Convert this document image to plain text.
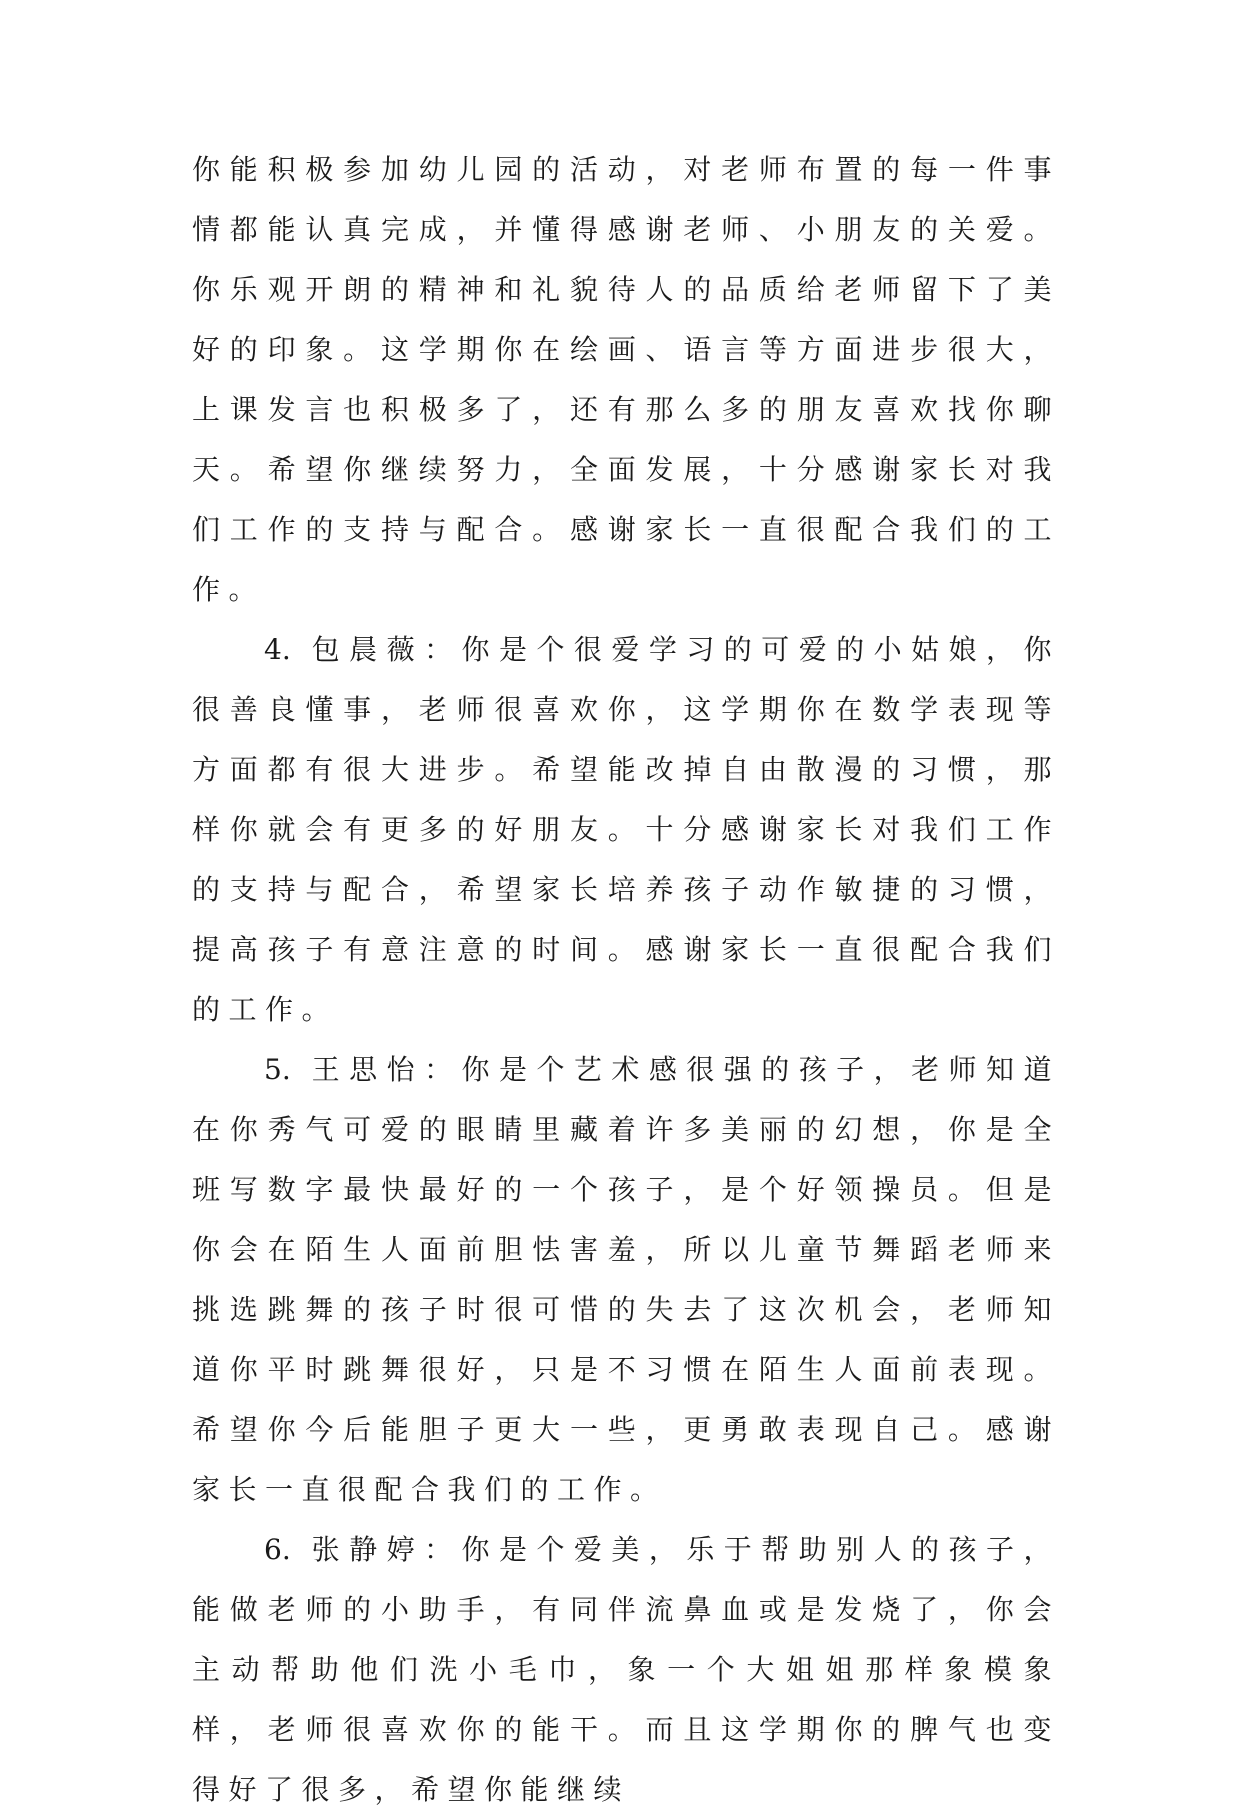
你能积极参加幼儿园的活动，对老师布置的每一件事情都能认真完成，并懂得感谢老师、小朋友的关爱。你乐观开朗的精神和礼貌待人的品质给老师留下了美好的印象。这学期你在绘画、语言等方面进步很大，上课发言也积极多了，还有那么多的朋友喜欢找你聊天。希望你继续努力，全面发展，十分感谢家长对我们工作的支持与配合。感谢家长一直很配合我们的工作。

4. 包晨薇：你是个很爱学习的可爱的小姑娘，你很善良懂事，老师很喜欢你，这学期你在数学表现等方面都有很大进步。希望能改掉自由散漫的习惯，那样你就会有更多的好朋友。十分感谢家长对我们工作的支持与配合，希望家长培养孩子动作敏捷的习惯，提高孩子有意注意的时间。感谢家长一直很配合我们的工作。

5. 王思怡：你是个艺术感很强的孩子，老师知道在你秀气可爱的眼睛里藏着许多美丽的幻想，你是全班写数字最快最好的一个孩子，是个好领操员。但是你会在陌生人面前胆怯害羞，所以儿童节舞蹈老师来挑选跳舞的孩子时很可惜的失去了这次机会，老师知道你平时跳舞很好，只是不习惯在陌生人面前表现。希望你今后能胆子更大一些，更勇敢表现自己。感谢家长一直很配合我们的工作。

6. 张静婷：你是个爱美，乐于帮助别人的孩子，能做老师的小助手，有同伴流鼻血或是发烧了，你会主动帮助他们洗小毛巾，象一个大姐姐那样象模象样，老师很喜欢你的能干。而且这学期你的脾气也变得好了很多，希望你能继续
